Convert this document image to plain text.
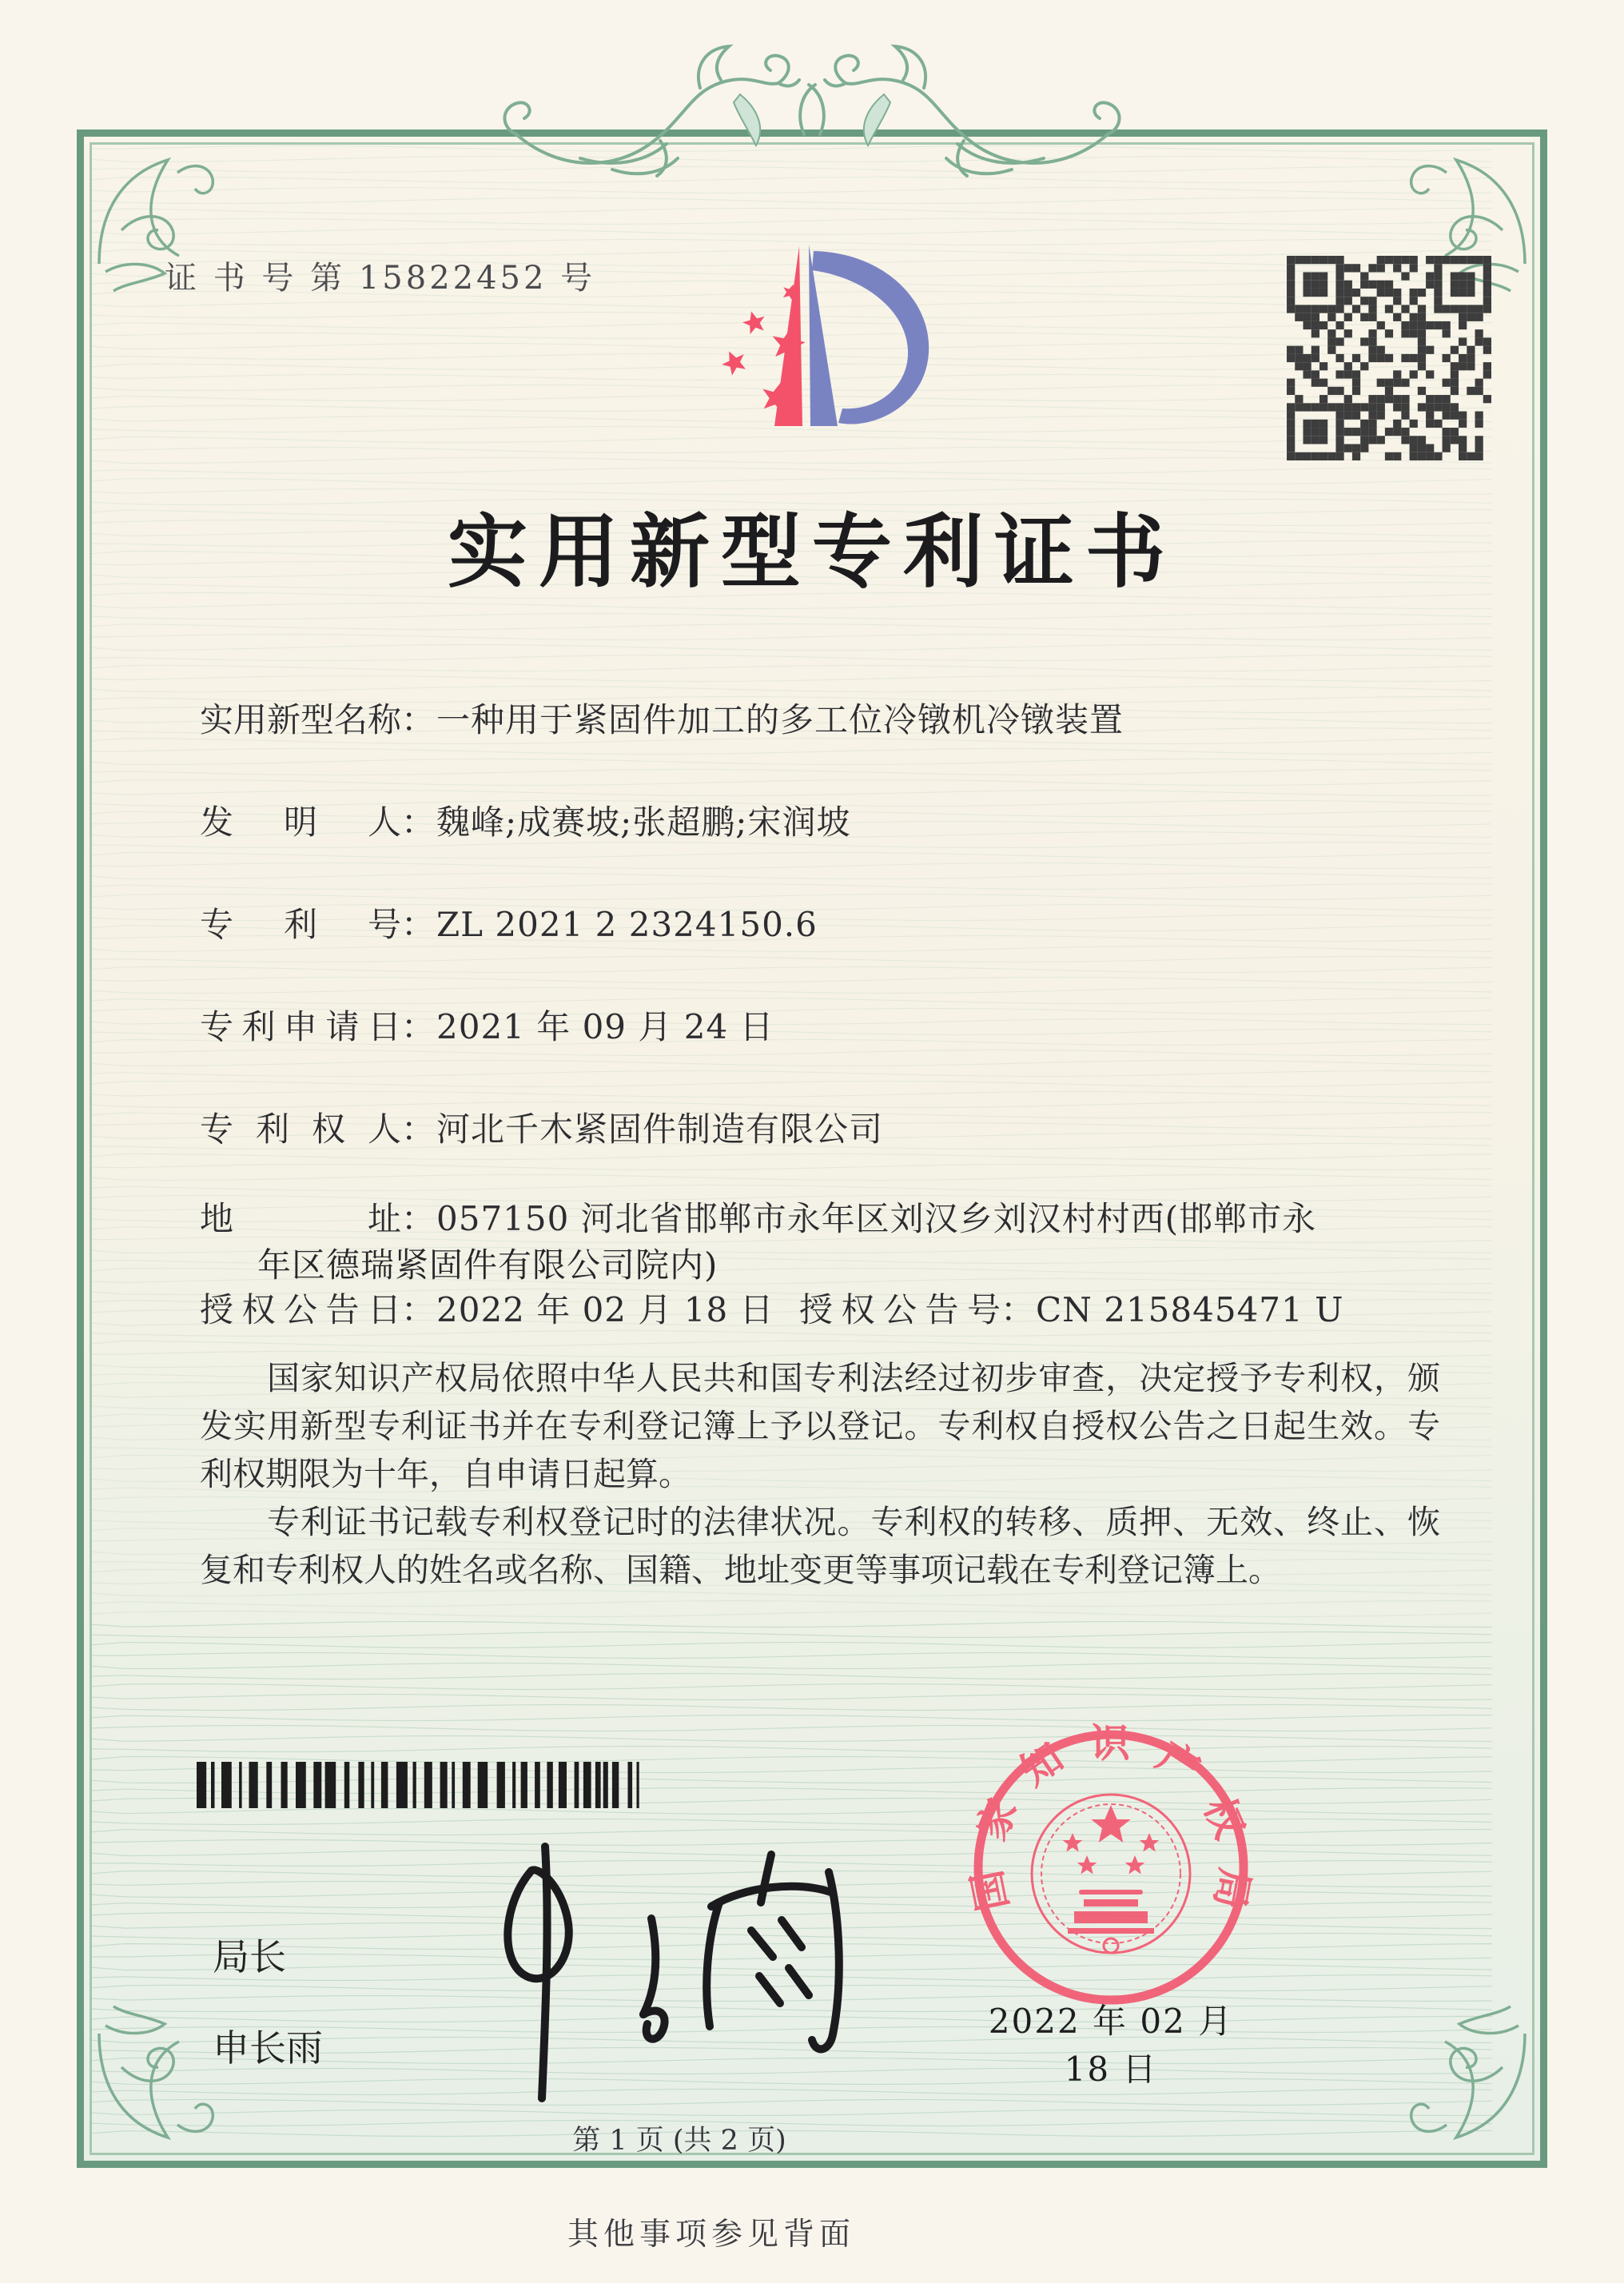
证 书 号 第 15822452 号
实用新型专利证书
实用新型名称：一种用于紧固件加工的多工位冷镦机冷镦装置
发明人：魏峰;成赛坡;张超鹏;宋润坡
专利号：ZL 2021 2 2324150.6
专利申请日：2021 年 09 月 24 日
专利权人：河北千木紧固件制造有限公司
地址：057150 河北省邯郸市永年区刘汉乡刘汉村村西(邯郸市永
年区德瑞紧固件有限公司院内)
授权公告日：2022 年 02 月 18 日 授权公告号：CN 215845471 U

国家知识产权局依照中华人民共和国专利法经过初步审查，决定授予专利权，颁发实用新型专利证书并在专利登记簿上予以登记。专利权自授权公告之日起生效。专利权期限为十年，自申请日起算。

专利证书记载专利权登记时的法律状况。专利权的转移、质押、无效、终止、恢复和专利权人的姓名或名称、国籍、地址变更等事项记载在专利登记簿上。

局长
申长雨
国家知识产权局
2022 年 02 月 18 日
第 1 页 (共 2 页)
其他事项参见背面
